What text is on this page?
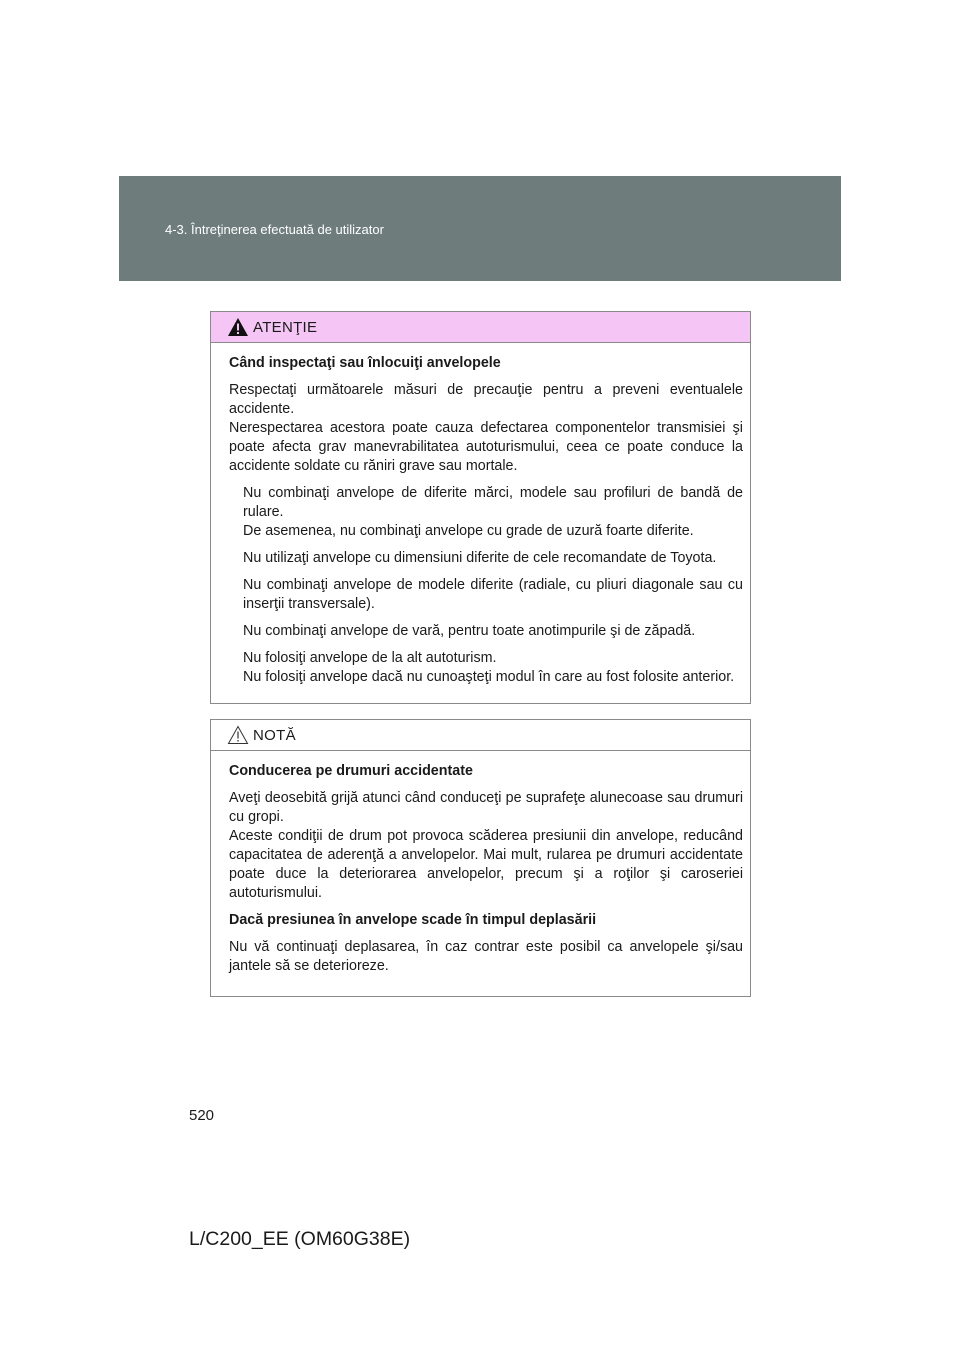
4-3. Întreţinerea efectuată de utilizator
ATENŢIE

Când inspectaţi sau înlocuiţi anvelopele

Respectaţi următoarele măsuri de precauţie pentru a preveni eventualele accidente.
Nerespectarea acestora poate cauza defectarea componentelor transmisiei şi poate afecta grav manevrabilitatea autoturismului, ceea ce poate conduce la accidente soldate cu răniri grave sau mortale.

Nu combinaţi anvelope de diferite mărci, modele sau profiluri de bandă de rulare.
De asemenea, nu combinaţi anvelope cu grade de uzură foarte diferite.
Nu utilizaţi anvelope cu dimensiuni diferite de cele recomandate de Toyota.
Nu combinaţi anvelope de modele diferite (radiale, cu pliuri diagonale sau cu inserţii transversale).
Nu combinaţi anvelope de vară, pentru toate anotimpurile şi de zăpadă.
Nu folosiţi anvelope de la alt autoturism.
Nu folosiţi anvelope dacă nu cunoaşteţi modul în care au fost folosite anterior.
NOTĂ

Conducerea pe drumuri accidentate

Aveţi deosebită grijă atunci când conduceţi pe suprafeţe alunecoase sau drumuri cu gropi.
Aceste condiţii de drum pot provoca scăderea presiunii din anvelope, reducând capacitatea de aderenţă a anvelopelor. Mai mult, rularea pe drumuri accidentate poate duce la deteriorarea anvelopelor, precum şi a roţilor şi caroseriei autoturismului.

Dacă presiunea în anvelope scade în timpul deplasării

Nu vă continuaţi deplasarea, în caz contrar este posibil ca anvelopele şi/sau jantele să se deterioreze.

520
L/C200_EE (OM60G38E)
